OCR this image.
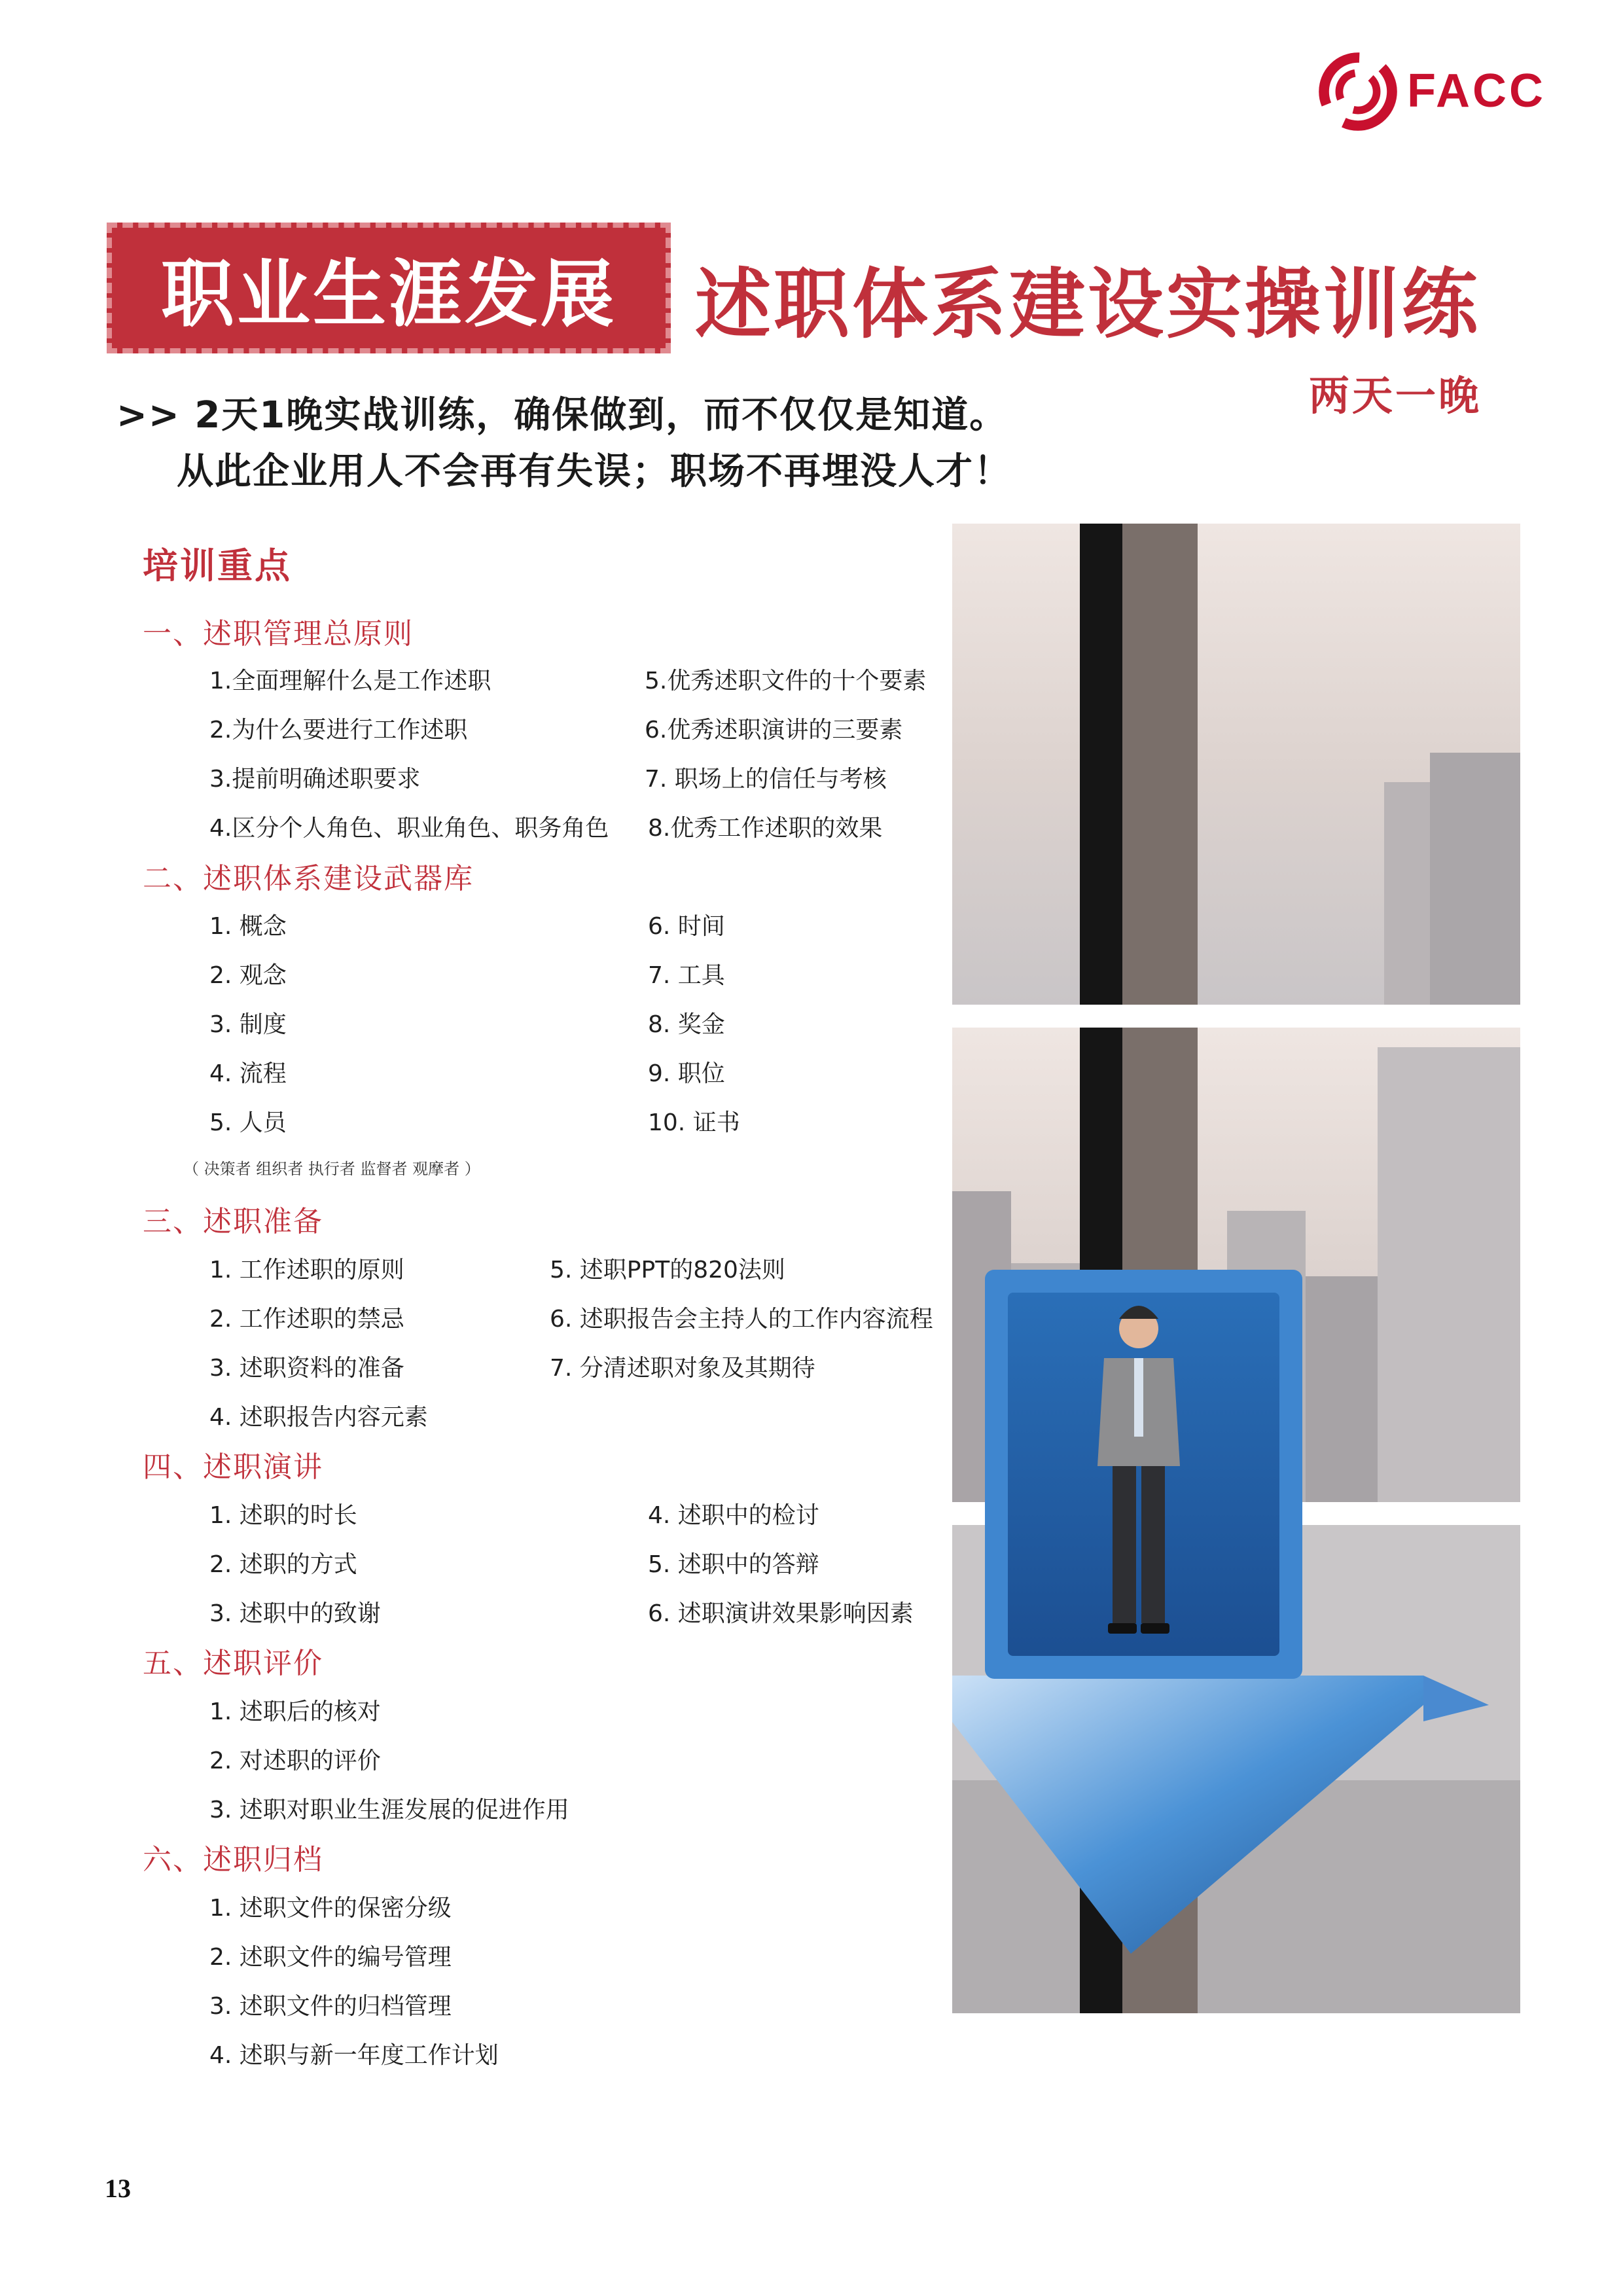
FACC
职业生涯发展 述职体系建设实操训练
两天一晚
>> 2天1晚实战训练，确保做到，而不仅仅是知道。
从此企业用人不会再有失误；职场不再埋没人才！
培训重点
一、述职管理总原则
1.全面理解什么是工作述职
2.为什么要进行工作述职
3.提前明确述职要求
4.区分个人角色、职业角色、职务角色
5.优秀述职文件的十个要素
6.优秀述职演讲的三要素
7. 职场上的信任与考核
8.优秀工作述职的效果
二、述职体系建设武器库
1. 概念
2. 观念
3. 制度
4. 流程
5. 人员
6. 时间
7. 工具
8. 奖金
9. 职位
10. 证书
（ 决策者 组织者 执行者 监督者 观摩者 ）
三、述职准备
1. 工作述职的原则
2. 工作述职的禁忌
3. 述职资料的准备
4. 述职报告内容元素
5. 述职PPT的820法则
6. 述职报告会主持人的工作内容流程
7. 分清述职对象及其期待
四、述职演讲
1. 述职的时长
2. 述职的方式
3. 述职中的致谢
4. 述职中的检讨
5. 述职中的答辩
6. 述职演讲效果影响因素
五、述职评价
1. 述职后的核对
2. 对述职的评价
3. 述职对职业生涯发展的促进作用
六、述职归档
1. 述职文件的保密分级
2. 述职文件的编号管理
3. 述职文件的归档管理
4. 述职与新一年度工作计划
13
